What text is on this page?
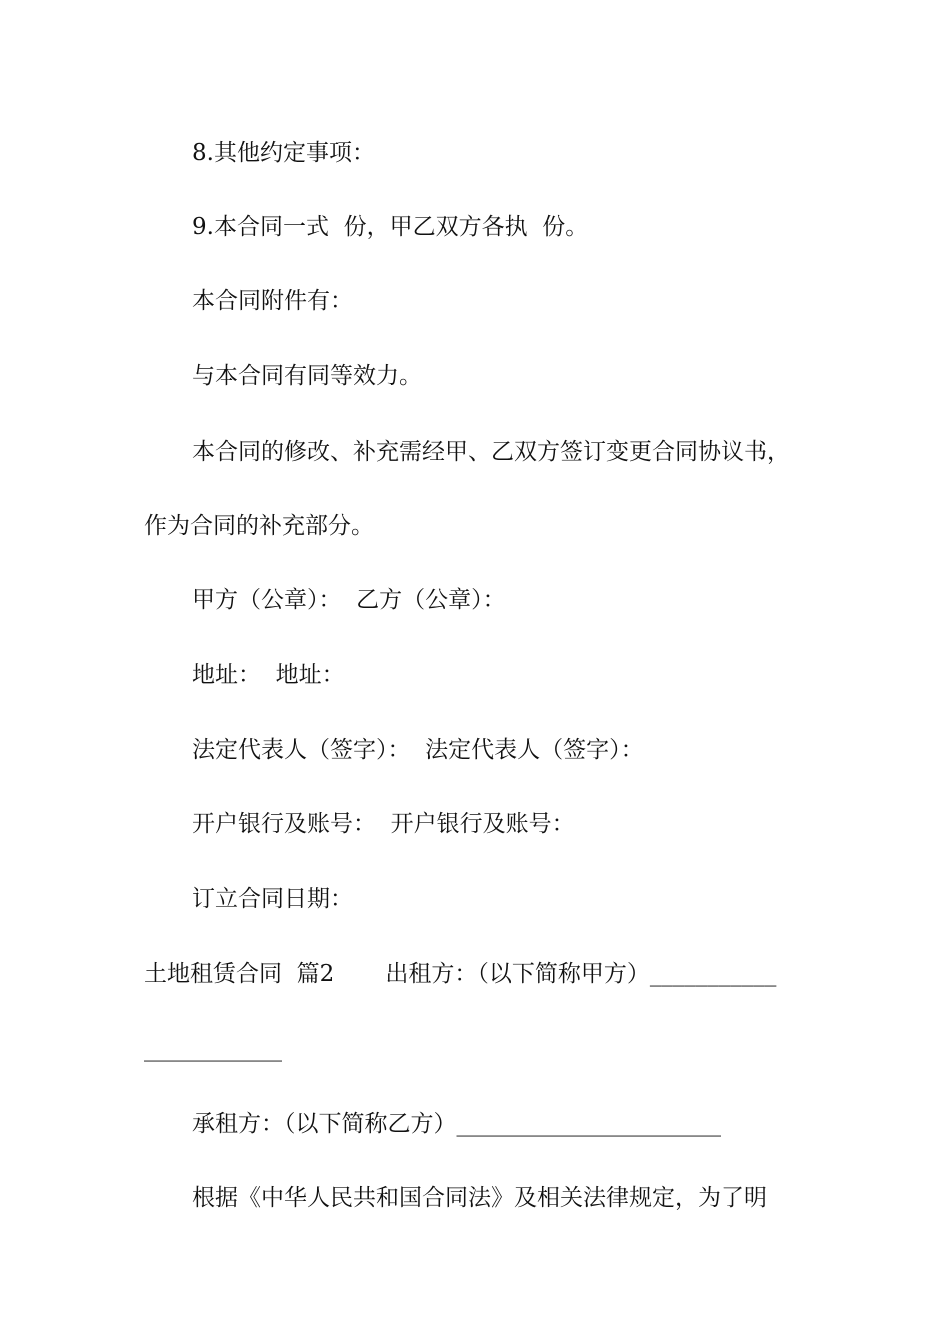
8.其他约定事项：
9.本合同一式  份，甲乙双方各执  份。
本合同附件有：
与本合同有同等效力。
本合同的修改、补充需经甲、乙双方签订变更合同协议书，
作为合同的补充部分。
甲方（公章）：  乙方（公章）：
地址：  地址：
法定代表人（签字）：  法定代表人（签字）：
开户银行及账号：  开户银行及账号：
订立合同日期：
土地租赁合同  篇2       出租方：（以下简称甲方）___________
____________
承租方：（以下简称乙方）_______________________
根据《中华人民共和国合同法》及相关法律规定，为了明
